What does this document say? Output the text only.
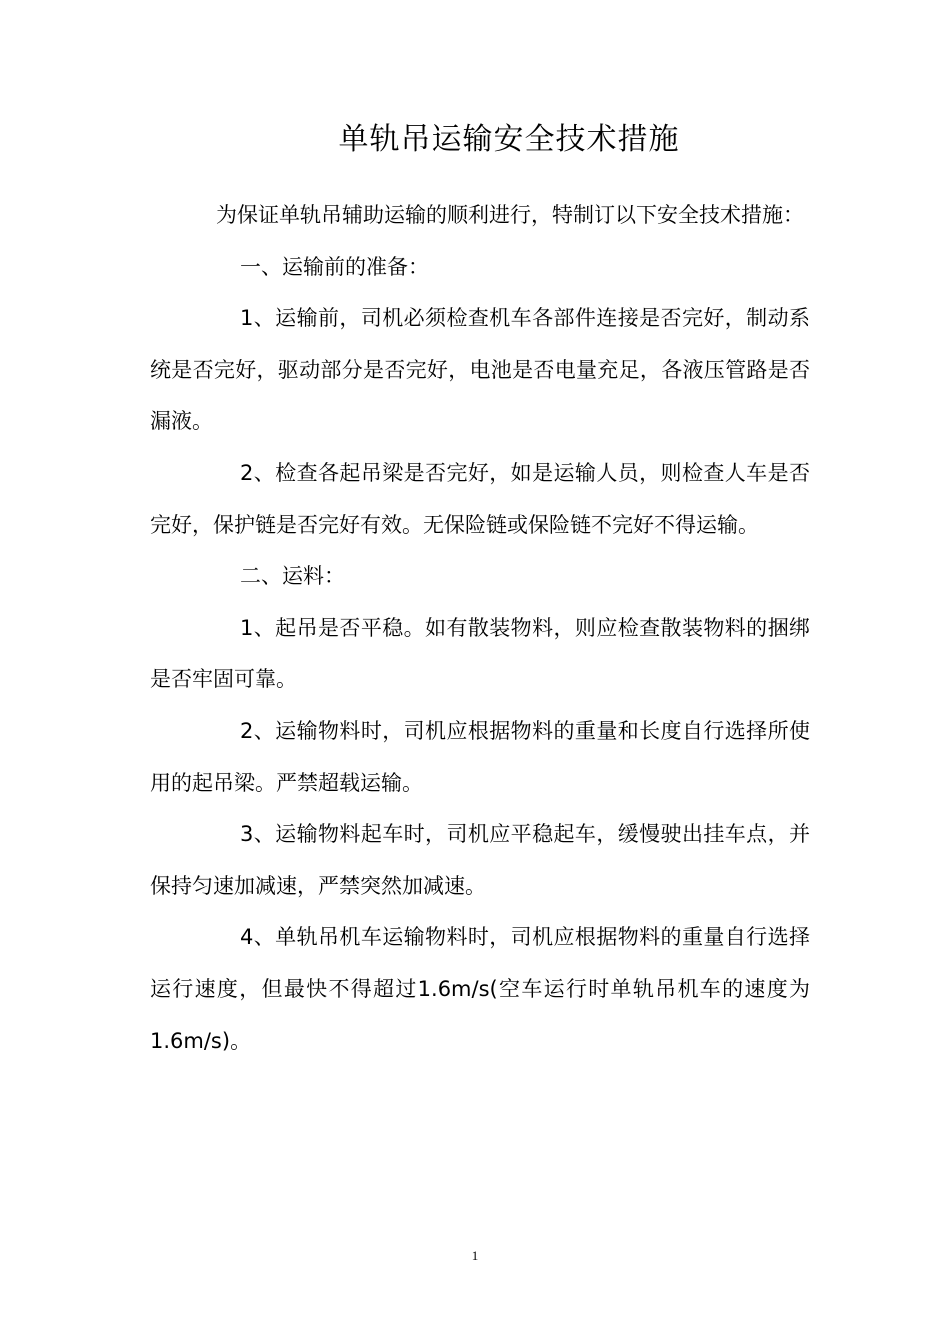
单轨吊运输安全技术措施

为保证单轨吊辅助运输的顺利进行，特制订以下安全技术措施：

一、运输前的准备：

1、运输前，司机必须检查机车各部件连接是否完好，制动系统是否完好，驱动部分是否完好，电池是否电量充足，各液压管路是否漏液。

2、检查各起吊梁是否完好，如是运输人员，则检查人车是否完好，保护链是否完好有效。无保险链或保险链不完好不得运输。

二、运料：

1、起吊是否平稳。如有散装物料，则应检查散装物料的捆绑是否牢固可靠。

2、运输物料时，司机应根据物料的重量和长度自行选择所使用的起吊梁。严禁超载运输。

3、运输物料起车时，司机应平稳起车，缓慢驶出挂车点，并保持匀速加减速，严禁突然加减速。

4、单轨吊机车运输物料时，司机应根据物料的重量自行选择运行速度，但最快不得超过1.6m/s(空车运行时单轨吊机车的速度为1.6m/s)。

1
